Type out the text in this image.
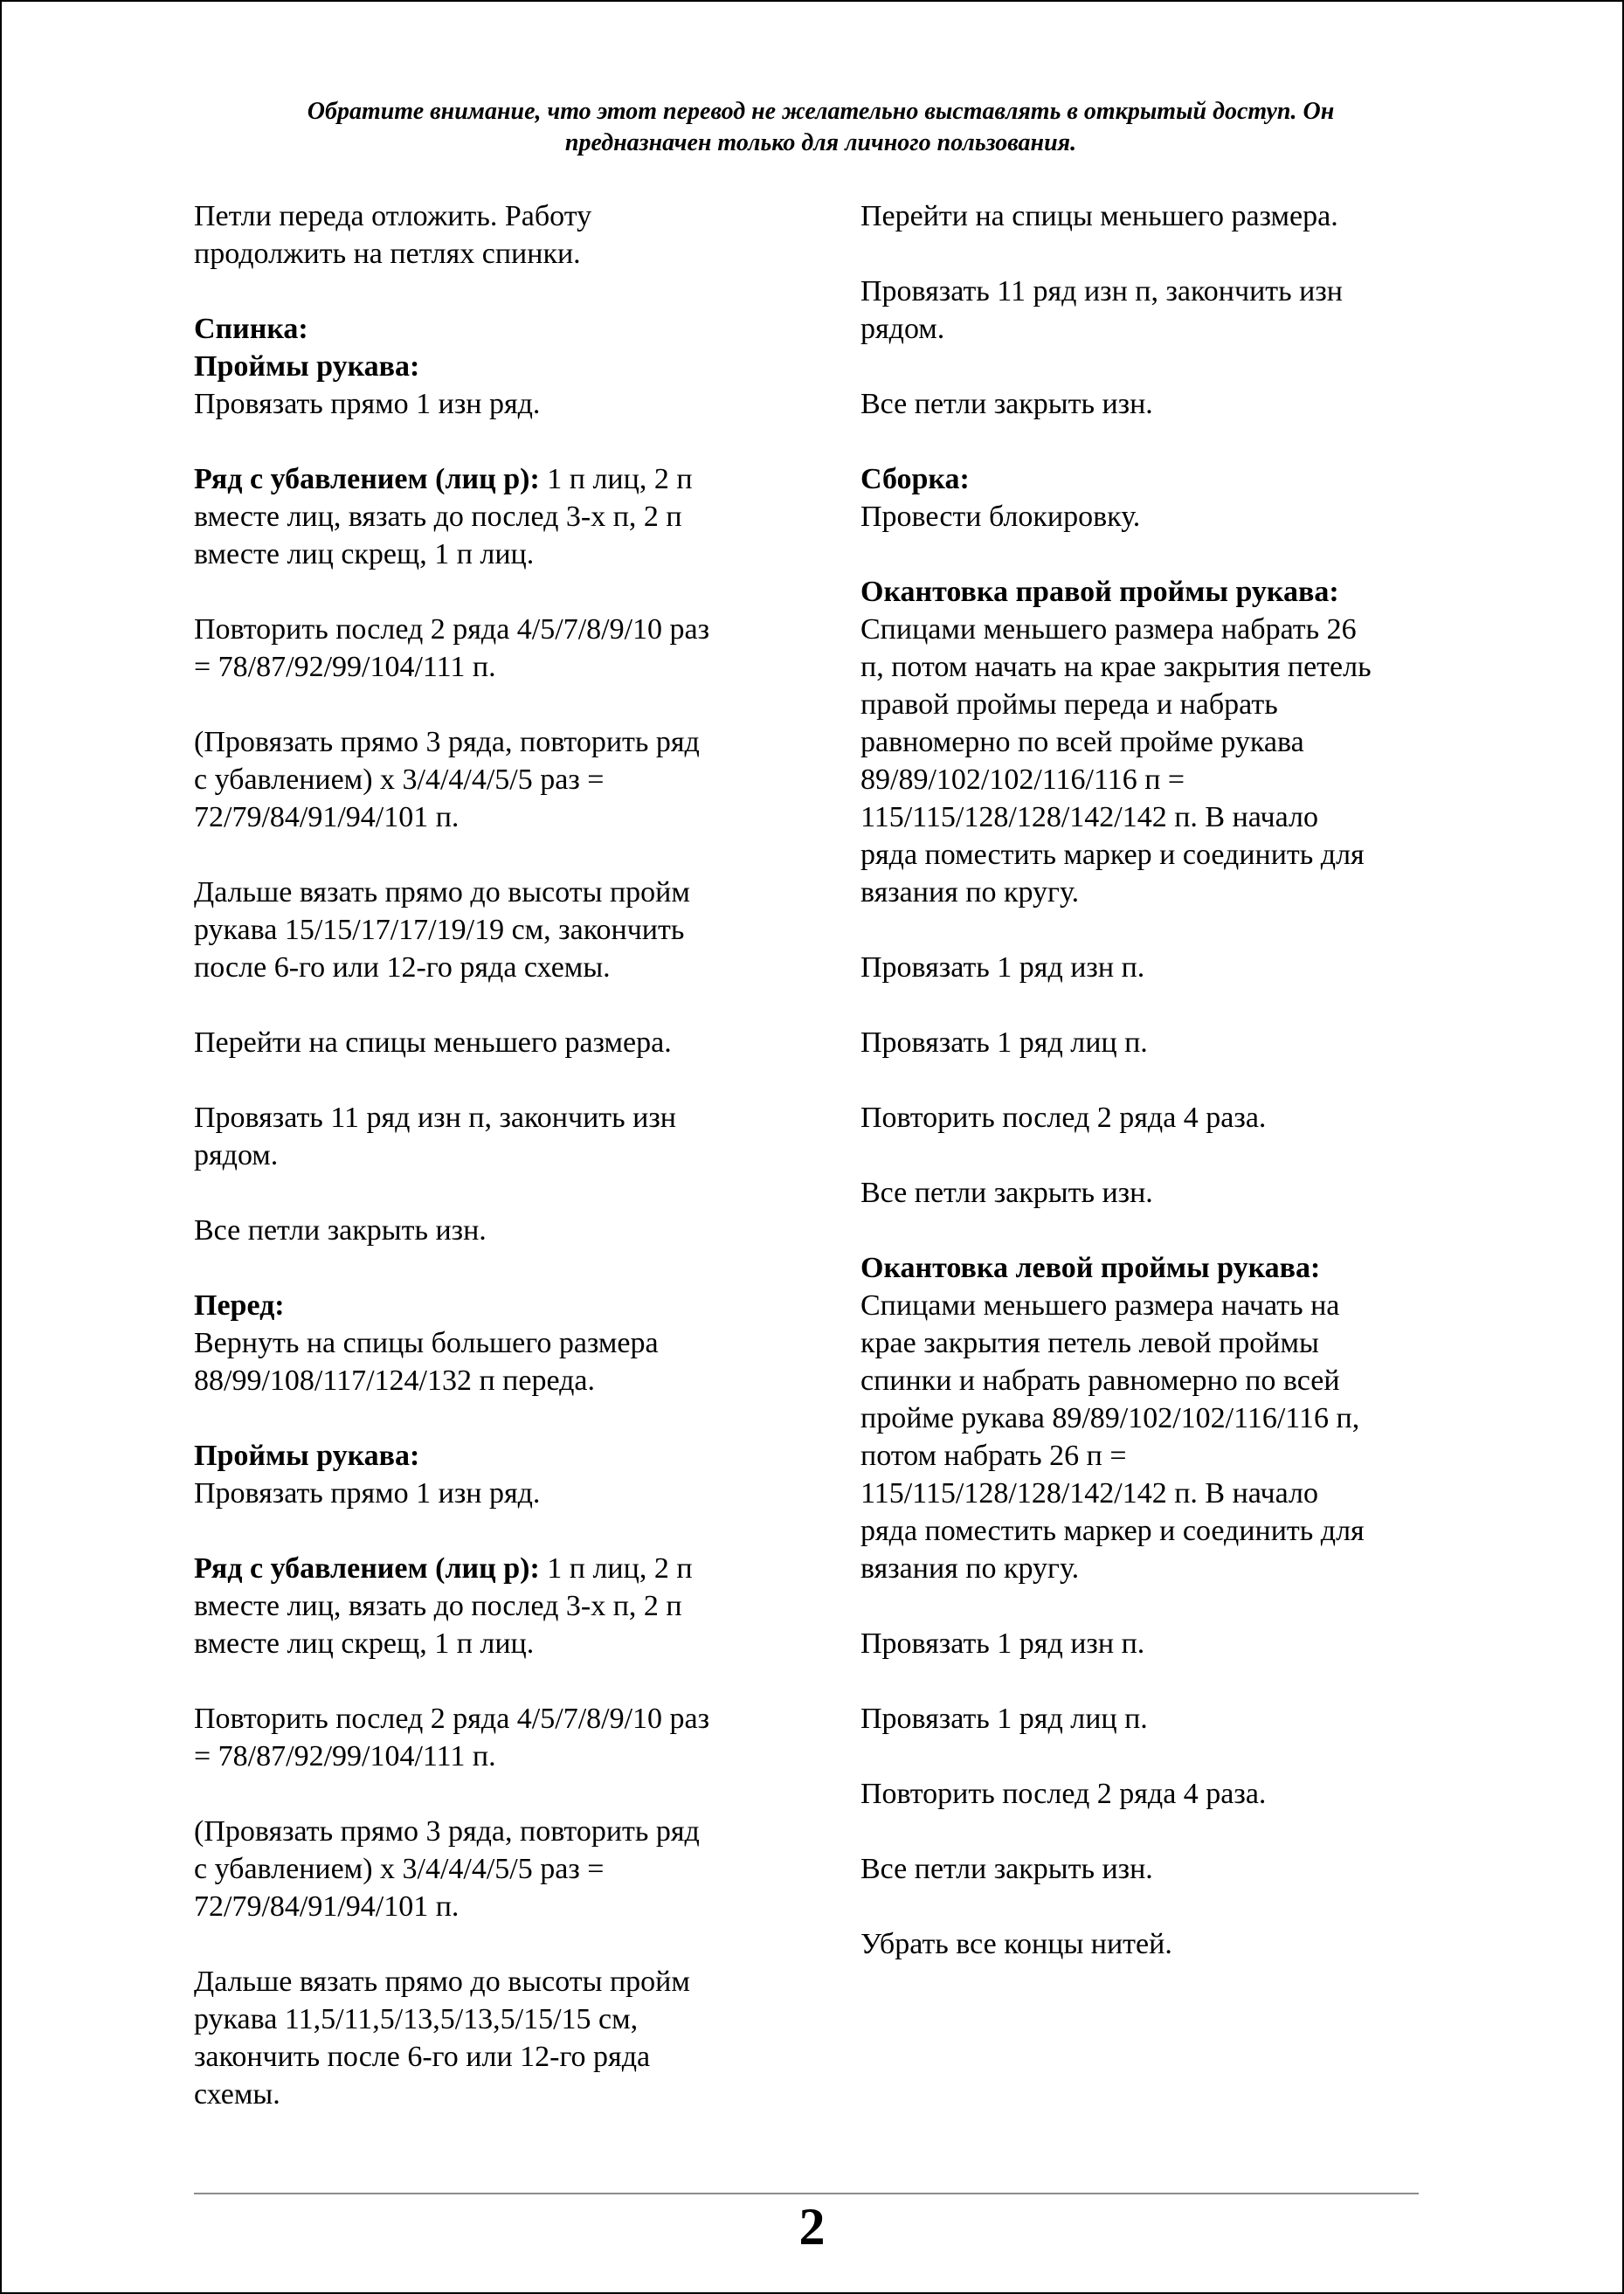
Обратите внимание, что этот перевод не желательно выставлять в открытый доступ. Он
предназначен только для личного пользования.

Петли переда отложить. Работу
продолжить на петлях спинки.

Спинка:
Проймы рукава:
Провязать прямо 1 изн ряд.

Ряд с убавлением (лиц р): 1 п лиц, 2 п
вместе лиц, вязать до послед 3-х п, 2 п
вместе лиц скрещ, 1 п лиц.

Повторить послед 2 ряда 4/5/7/8/9/10 раз
= 78/87/92/99/104/111 п.

(Провязать прямо 3 ряда, повторить ряд
с убавлением) x 3/4/4/4/5/5 раз =
72/79/84/91/94/101 п.

Дальше вязать прямо до высоты пройм
рукава 15/15/17/17/19/19 см, закончить
после 6-го или 12-го ряда схемы.

Перейти на спицы меньшего размера.

Провязать 11 ряд изн п, закончить изн
рядом.

Все петли закрыть изн.

Перед:
Вернуть на спицы большего размера
88/99/108/117/124/132 п переда.

Проймы рукава:
Провязать прямо 1 изн ряд.

Ряд с убавлением (лиц р): 1 п лиц, 2 п
вместе лиц, вязать до послед 3-х п, 2 п
вместе лиц скрещ, 1 п лиц.

Повторить послед 2 ряда 4/5/7/8/9/10 раз
= 78/87/92/99/104/111 п.

(Провязать прямо 3 ряда, повторить ряд
с убавлением) x 3/4/4/4/5/5 раз =
72/79/84/91/94/101 п.

Дальше вязать прямо до высоты пройм
рукава 11,5/11,5/13,5/13,5/15/15 см,
закончить после 6-го или 12-го ряда
схемы.

Перейти на спицы меньшего размера.

Провязать 11 ряд изн п, закончить изн
рядом.

Все петли закрыть изн.

Сборка:
Провести блокировку.

Окантовка правой проймы рукава:
Спицами меньшего размера набрать 26
п, потом начать на крае закрытия петель
правой проймы переда и набрать
равномерно по всей пройме рукава
89/89/102/102/116/116 п =
115/115/128/128/142/142 п. В начало
ряда поместить маркер и соединить для
вязания по кругу.

Провязать 1 ряд изн п.

Провязать 1 ряд лиц п.

Повторить послед 2 ряда 4 раза.

Все петли закрыть изн.

Окантовка левой проймы рукава:
Спицами меньшего размера начать на
крае закрытия петель левой проймы
спинки и набрать равномерно по всей
пройме рукава 89/89/102/102/116/116 п,
потом набрать 26 п =
115/115/128/128/142/142 п. В начало
ряда поместить маркер и соединить для
вязания по кругу.

Провязать 1 ряд изн п.

Провязать 1 ряд лиц п.

Повторить послед 2 ряда 4 раза.

Все петли закрыть изн.

Убрать все концы нитей.

2
